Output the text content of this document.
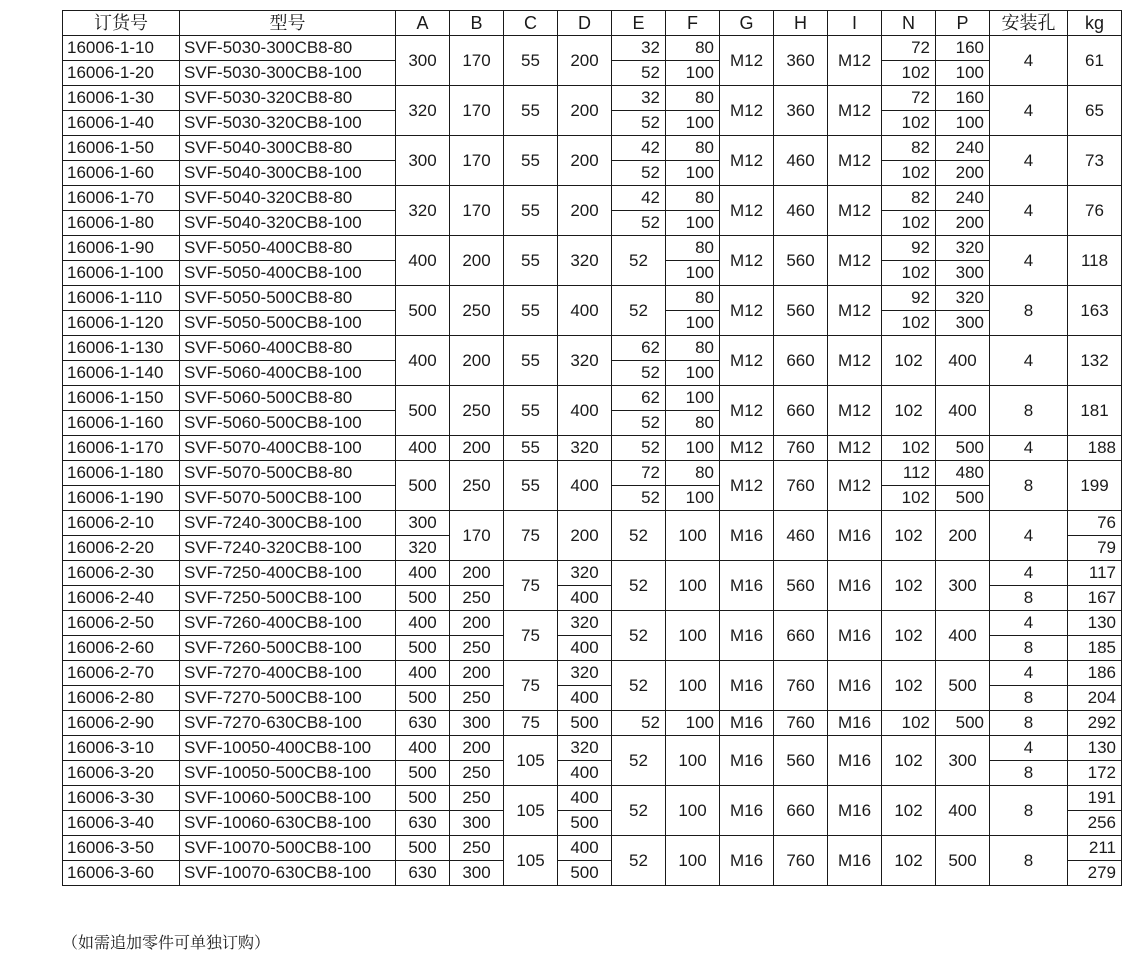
订货号	型号	A	B	C	D	E	F	G	H	I	N	P	安装孔	kg
16006-1-10	SVF-5030-300CB8-80	300	170	55	200	32	80	M12	360	M12	72	160	4	61
16006-1-20	SVF-5030-300CB8-100					52	100				102	100		
16006-1-30	SVF-5030-320CB8-80	320	170	55	200	32	80	M12	360	M12	72	160	4	65
16006-1-40	SVF-5030-320CB8-100					52	100				102	100		
16006-1-50	SVF-5040-300CB8-80	300	170	55	200	42	80	M12	460	M12	82	240	4	73
16006-1-60	SVF-5040-300CB8-100					52	100				102	200		
16006-1-70	SVF-5040-320CB8-80	320	170	55	200	42	80	M12	460	M12	82	240	4	76
16006-1-80	SVF-5040-320CB8-100					52	100				102	200		
16006-1-90	SVF-5050-400CB8-80	400	200	55	320	52	80	M12	560	M12	92	320	4	118
16006-1-100	SVF-5050-400CB8-100						100				102	300		
16006-1-110	SVF-5050-500CB8-80	500	250	55	400	52	80	M12	560	M12	92	320	8	163
16006-1-120	SVF-5050-500CB8-100						100				102	300		
16006-1-130	SVF-5060-400CB8-80	400	200	55	320	62	80	M12	660	M12	102	400	4	132
16006-1-140	SVF-5060-400CB8-100					52	100							
16006-1-150	SVF-5060-500CB8-80	500	250	55	400	62	100	M12	660	M12	102	400	8	181
16006-1-160	SVF-5060-500CB8-100					52	80							
16006-1-170	SVF-5070-400CB8-100	400	200	55	320	52	100	M12	760	M12	102	500	4	188
16006-1-180	SVF-5070-500CB8-80	500	250	55	400	72	80	M12	760	M12	112	480	8	199
16006-1-190	SVF-5070-500CB8-100					52	100				102	500		
16006-2-10	SVF-7240-300CB8-100	300	170	75	200	52	100	M16	460	M16	102	200	4	76
16006-2-20	SVF-7240-320CB8-100	320												79
16006-2-30	SVF-7250-400CB8-100	400	200	75	320	52	100	M16	560	M16	102	300	4	117
16006-2-40	SVF-7250-500CB8-100	500	250		400								8	167
16006-2-50	SVF-7260-400CB8-100	400	200	75	320	52	100	M16	660	M16	102	400	4	130
16006-2-60	SVF-7260-500CB8-100	500	250		400								8	185
16006-2-70	SVF-7270-400CB8-100	400	200	75	320	52	100	M16	760	M16	102	500	4	186
16006-2-80	SVF-7270-500CB8-100	500	250		400								8	204
16006-2-90	SVF-7270-630CB8-100	630	300	75	500	52	100	M16	760	M16	102	500	8	292
16006-3-10	SVF-10050-400CB8-100	400	200	105	320	52	100	M16	560	M16	102	300	4	130
16006-3-20	SVF-10050-500CB8-100	500	250		400								8	172
16006-3-30	SVF-10060-500CB8-100	500	250	105	400	52	100	M16	660	M16	102	400	8	191
16006-3-40	SVF-10060-630CB8-100	630	300		500									256
16006-3-50	SVF-10070-500CB8-100	500	250	105	400	52	100	M16	760	M16	102	500	8	211
16006-3-60	SVF-10070-630CB8-100	630	300		500									279
（如需追加零件可单独订购）
